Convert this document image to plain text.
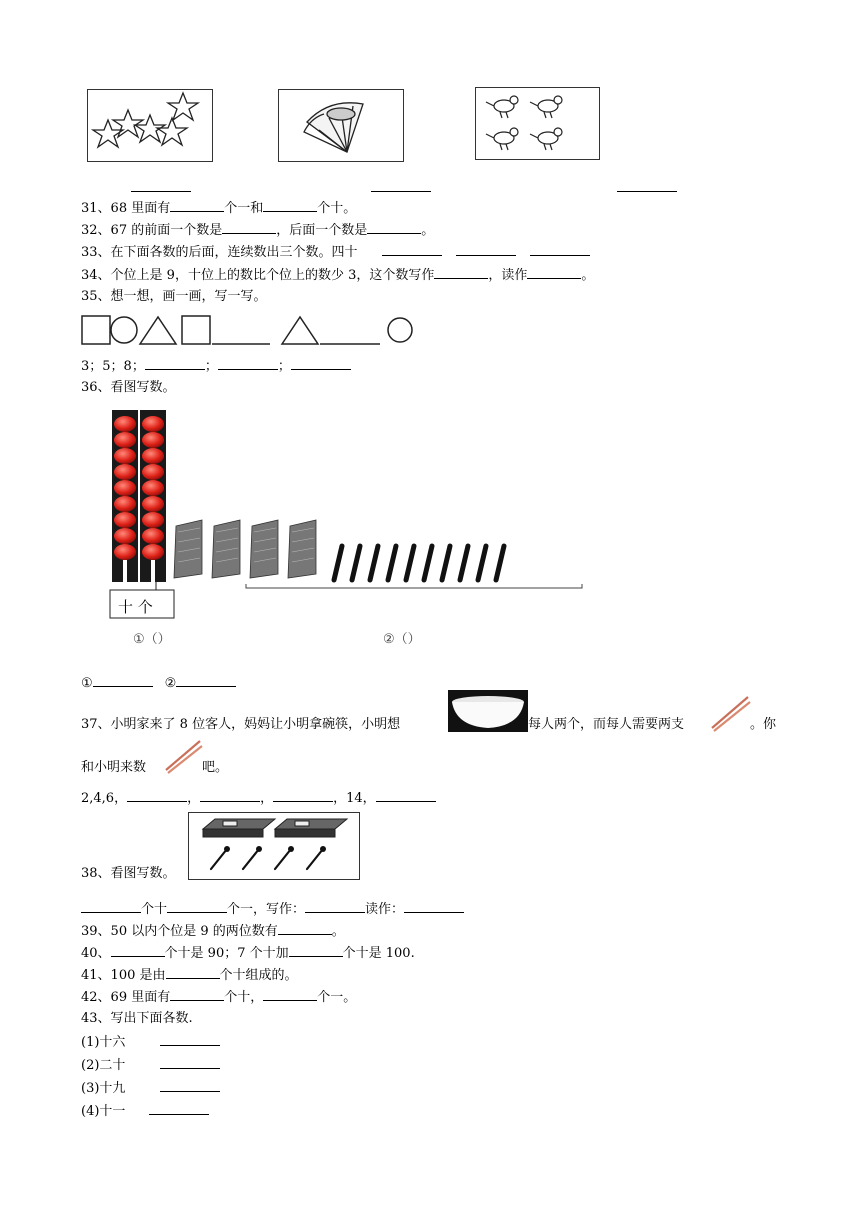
31、68 里面有	个一和	个十。
32、67 的前面一个数是	，后面一个数是	。
33、在下面各数的后面，连续数出三个数。四十
34、个位上是 9，十位上的数比个位上的数少 3，这个数写作	，读作	。
35、想一想，画一画，写一写。
3；5；8；	；	；
36、看图写数。
十 个
①（）	②（）
①	②
37、小明家来了 8 位客人，妈妈让小明拿碗筷，小明想	每人两个，而每人需要两支	。你
和小明来数	吧。
2,4,6，	，	，	，14，
38、看图写数。
个十	个一，写作：	读作：
39、50 以内个位是 9 的两位数有	。
40、	个十是 90；7 个十加	个十是 100.
41、100 是由	个十组成的。
42、69 里面有	个十，	个一。
43、写出下面各数.
(1)十六
(2)二十
(3)十九
(4)十一
